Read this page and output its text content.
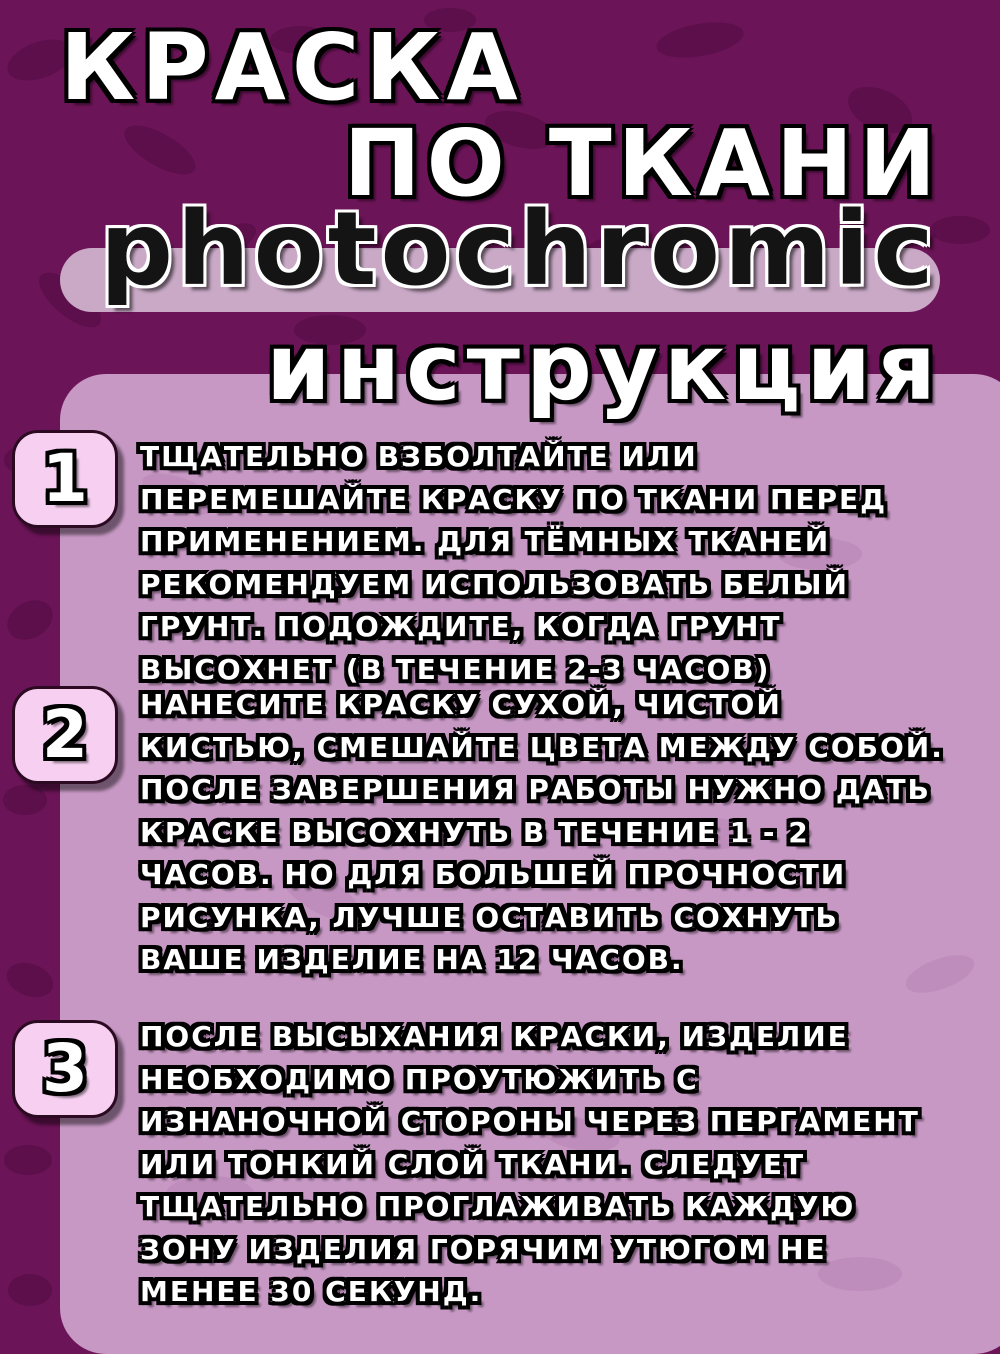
КРАСКА
ПО ТКАНИ
photochromic
инструкция
1 ТЩАТЕЛЬНО ВЗБОЛТАЙТЕ ИЛИ ПЕРЕМЕШАЙТЕ КРАСКУ ПО ТКАНИ ПЕРЕД ПРИМЕНЕНИЕМ. ДЛЯ ТЁМНЫХ ТКАНЕЙ РЕКОМЕНДУЕМ ИСПОЛЬЗОВАТЬ БЕЛЫЙ ГРУНТ. ПОДОЖДИТЕ, КОГДА ГРУНТ ВЫСОХНЕТ (В ТЕЧЕНИЕ 2-3 ЧАСОВ)
2 НАНЕСИТЕ КРАСКУ СУХОЙ, ЧИСТОЙ КИСТЬЮ, СМЕШАЙТЕ ЦВЕТА МЕЖДУ СОБОЙ. ПОСЛЕ ЗАВЕРШЕНИЯ РАБОТЫ НУЖНО ДАТЬ КРАСКЕ ВЫСОХНУТЬ В ТЕЧЕНИЕ 1 - 2 ЧАСОВ. НО ДЛЯ БОЛЬШЕЙ ПРОЧНОСТИ РИСУНКА, ЛУЧШЕ ОСТАВИТЬ СОХНУТЬ ВАШЕ ИЗДЕЛИЕ НА 12 ЧАСОВ.
3 ПОСЛЕ ВЫСЫХАНИЯ КРАСКИ, ИЗДЕЛИЕ НЕОБХОДИМО ПРОУТЮЖИТЬ С ИЗНАНОЧНОЙ СТОРОНЫ ЧЕРЕЗ ПЕРГАМЕНТ ИЛИ ТОНКИЙ СЛОЙ ТКАНИ. СЛЕДУЕТ ТЩАТЕЛЬНО ПРОГЛАЖИВАТЬ КАЖДУЮ ЗОНУ ИЗДЕЛИЯ ГОРЯЧИМ УТЮГОМ НЕ МЕНЕЕ 30 СЕКУНД.
